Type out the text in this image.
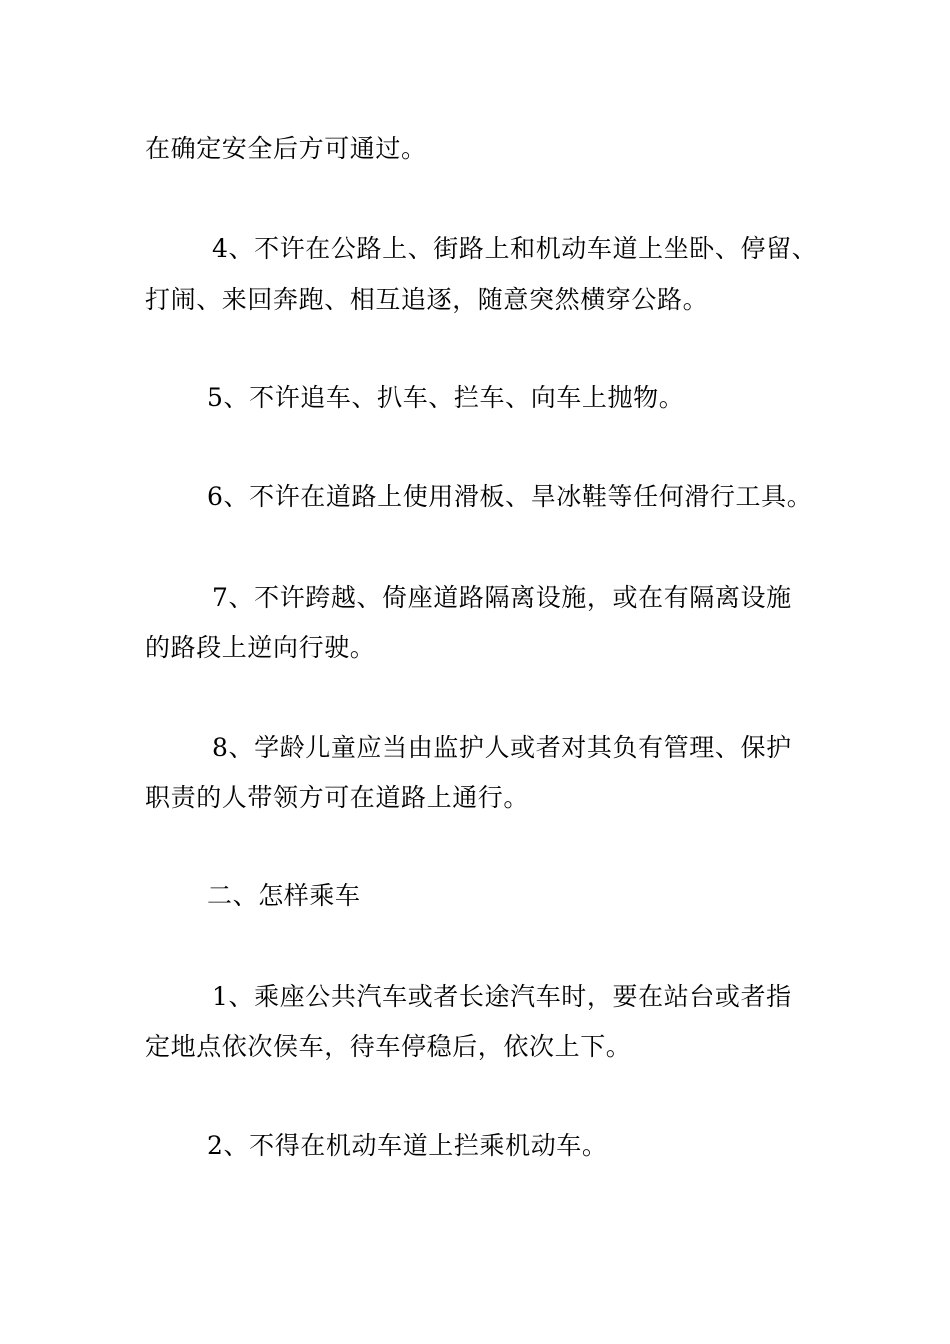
在确定安全后方可通过。
4、不许在公路上、街路上和机动车道上坐卧、停留、
打闹、来回奔跑、相互追逐，随意突然横穿公路。
5、不许追车、扒车、拦车、向车上抛物。
6、不许在道路上使用滑板、旱冰鞋等任何滑行工具。
7、不许跨越、倚座道路隔离设施，或在有隔离设施
的路段上逆向行驶。
8、学龄儿童应当由监护人或者对其负有管理、保护
职责的人带领方可在道路上通行。
二、怎样乘车
1、乘座公共汽车或者长途汽车时，要在站台或者指
定地点依次侯车，待车停稳后，依次上下。
2、不得在机动车道上拦乘机动车。
